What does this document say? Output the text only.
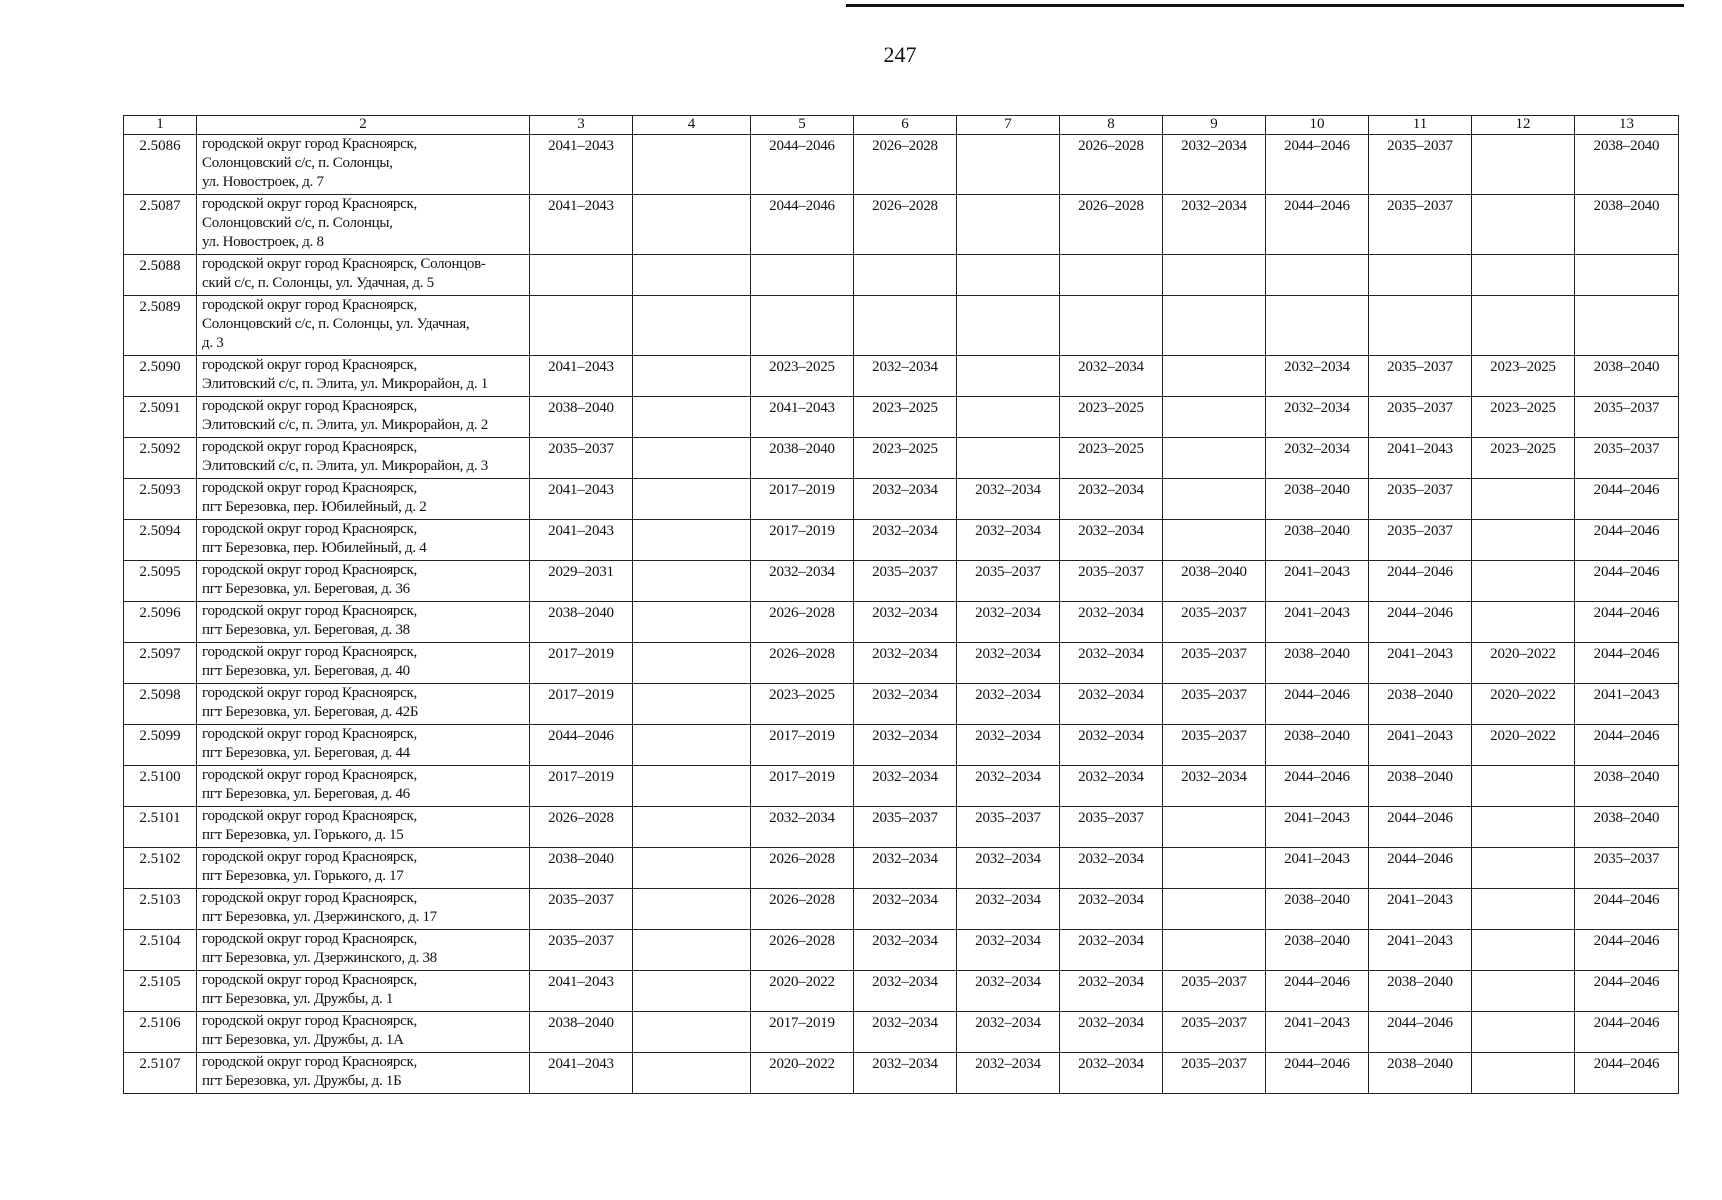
247
1	2	3	4	5	6	7	8	9	10	11	12	13
2.5086	городской округ город Красноярск,
Солонцовский с/с, п. Солонцы,
ул. Новостроек, д. 7	2041–2043		2044–2046	2026–2028		2026–2028	2032–2034	2044–2046	2035–2037		2038–2040
2.5087	городской округ город Красноярск,
Солонцовский с/с, п. Солонцы,
ул. Новостроек, д. 8	2041–2043		2044–2046	2026–2028		2026–2028	2032–2034	2044–2046	2035–2037		2038–2040
2.5088	городской округ город Красноярск, Солонцов-
ский с/с, п. Солонцы, ул. Удачная, д. 5											

2.5089	городской округ город Красноярск,
Солонцовский с/с, п. Солонцы, ул. Удачная,
д. 3											

2.5090	городской округ город Красноярск,
Элитовский с/с, п. Элита, ул. Микрорайон, д. 1	2041–2043		2023–2025	2032–2034		2032–2034		2032–2034	2035–2037	2023–2025	2038–2040
2.5091	городской округ город Красноярск,
Элитовский с/с, п. Элита, ул. Микрорайон, д. 2	2038–2040		2041–2043	2023–2025		2023–2025		2032–2034	2035–2037	2023–2025	2035–2037
2.5092	городской округ город Красноярск,
Элитовский с/с, п. Элита, ул. Микрорайон, д. 3	2035–2037		2038–2040	2023–2025		2023–2025		2032–2034	2041–2043	2023–2025	2035–2037
2.5093	городской округ город Красноярск,
пгт Березовка, пер. Юбилейный, д. 2	2041–2043		2017–2019	2032–2034	2032–2034	2032–2034		2038–2040	2035–2037		2044–2046
2.5094	городской округ город Красноярск,
пгт Березовка, пер. Юбилейный, д. 4	2041–2043		2017–2019	2032–2034	2032–2034	2032–2034		2038–2040	2035–2037		2044–2046
2.5095	городской округ город Красноярск,
пгт Березовка, ул. Береговая, д. 36	2029–2031		2032–2034	2035–2037	2035–2037	2035–2037	2038–2040	2041–2043	2044–2046		2044–2046
2.5096	городской округ город Красноярск,
пгт Березовка, ул. Береговая, д. 38	2038–2040		2026–2028	2032–2034	2032–2034	2032–2034	2035–2037	2041–2043	2044–2046		2044–2046
2.5097	городской округ город Красноярск,
пгт Березовка, ул. Береговая, д. 40	2017–2019		2026–2028	2032–2034	2032–2034	2032–2034	2035–2037	2038–2040	2041–2043	2020–2022	2044–2046
2.5098	городской округ город Красноярск,
пгт Березовка, ул. Береговая, д. 42Б	2017–2019		2023–2025	2032–2034	2032–2034	2032–2034	2035–2037	2044–2046	2038–2040	2020–2022	2041–2043
2.5099	городской округ город Красноярск,
пгт Березовка, ул. Береговая, д. 44	2044–2046		2017–2019	2032–2034	2032–2034	2032–2034	2035–2037	2038–2040	2041–2043	2020–2022	2044–2046
2.5100	городской округ город Красноярск,
пгт Березовка, ул. Береговая, д. 46	2017–2019		2017–2019	2032–2034	2032–2034	2032–2034	2032–2034	2044–2046	2038–2040		2038–2040
2.5101	городской округ город Красноярск,
пгт Березовка, ул. Горького, д. 15	2026–2028		2032–2034	2035–2037	2035–2037	2035–2037		2041–2043	2044–2046		2038–2040
2.5102	городской округ город Красноярск,
пгт Березовка, ул. Горького, д. 17	2038–2040		2026–2028	2032–2034	2032–2034	2032–2034		2041–2043	2044–2046		2035–2037
2.5103	городской округ город Красноярск,
пгт Березовка, ул. Дзержинского, д. 17	2035–2037		2026–2028	2032–2034	2032–2034	2032–2034		2038–2040	2041–2043		2044–2046
2.5104	городской округ город Красноярск,
пгт Березовка, ул. Дзержинского, д. 38	2035–2037		2026–2028	2032–2034	2032–2034	2032–2034		2038–2040	2041–2043		2044–2046
2.5105	городской округ город Красноярск,
пгт Березовка, ул. Дружбы, д. 1	2041–2043		2020–2022	2032–2034	2032–2034	2032–2034	2035–2037	2044–2046	2038–2040		2044–2046
2.5106	городской округ город Красноярск,
пгт Березовка, ул. Дружбы, д. 1А	2038–2040		2017–2019	2032–2034	2032–2034	2032–2034	2035–2037	2041–2043	2044–2046		2044–2046
2.5107	городской округ город Красноярск,
пгт Березовка, ул. Дружбы, д. 1Б	2041–2043		2020–2022	2032–2034	2032–2034	2032–2034	2035–2037	2044–2046	2038–2040		2044–2046
